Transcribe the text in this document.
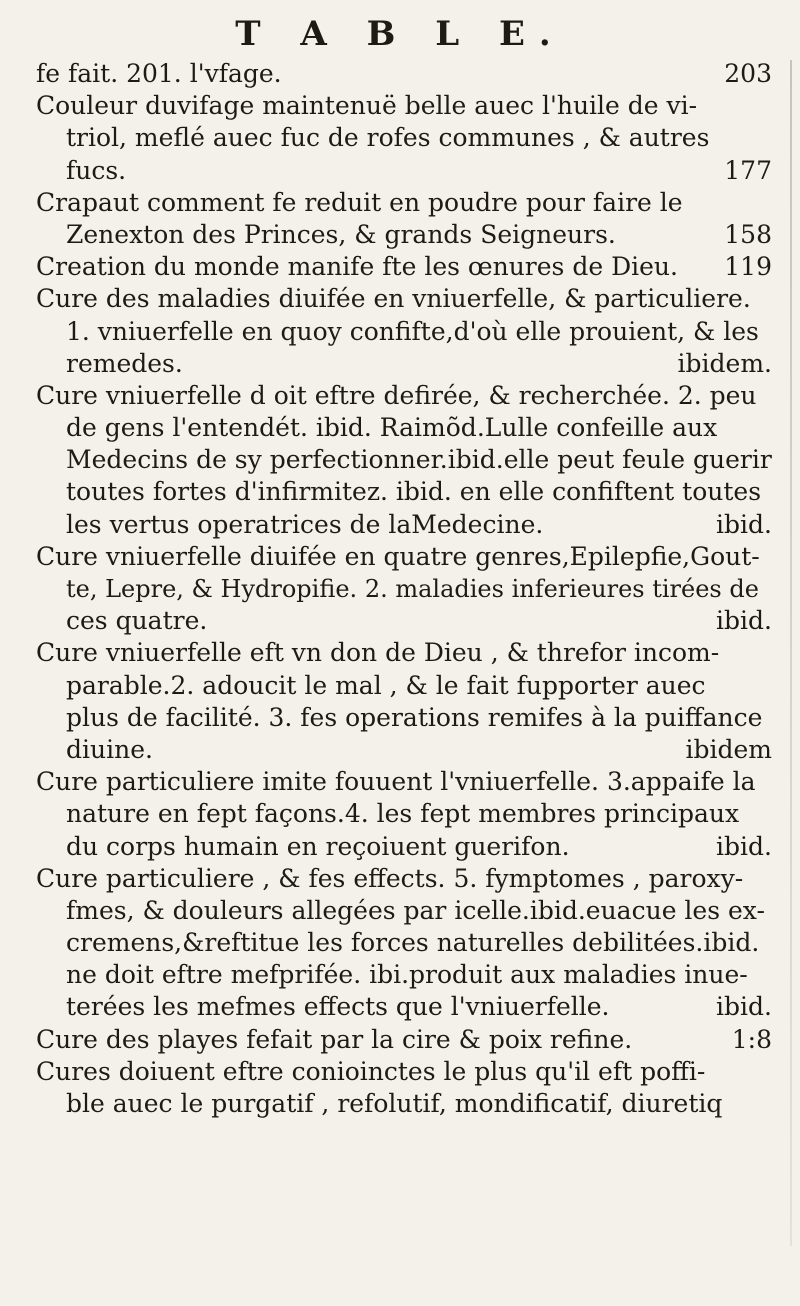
T A B L E.
fe fait. 201. l'vfage.	203
Couleur duvifage maintenuë belle auec l'huile de vi-
triol, meflé auec fuc de rofes communes , & autres
fucs.	177
Crapaut comment fe reduit en poudre pour faire le
Zenexton des Princes, & grands Seigneurs.	158
Creation du monde manife fte les œnures de Dieu. 119
Cure des maladies diuifée en vniuerfelle, & particuliere.
1. vniuerfelle en quoy confifte,d'où elle prouient, & les
remedes.	ibidem.
Cure vniuerfelle d oit eftre defirée, & recherchée. 2. peu
de gens l'entendét. ibid. Raimõd.Lulle confeille aux
Medecins de sy perfectionner.ibid.elle peut feule guerir
toutes fortes d'infirmitez. ibid. en elle confiftent toutes
les vertus operatrices de laMedecine.	ibid.
Cure vniuerfelle diuifée en quatre genres,Epilepfie,Gout-
te, Lepre, & Hydropifie. 2. maladies inferieures tirées de
ces quatre.	ibid.
Cure vniuerfelle eft vn don de Dieu , & threfor incom-
parable.2. adoucit le mal , & le fait fupporter auec
plus de facilité. 3. fes operations remifes à la puiffance
diuine.	ibidem
Cure particuliere imite fouuent l'vniuerfelle. 3.appaife la
nature en fept façons.4. les fept membres principaux
du corps humain en reçoiuent guerifon.	ibid.
Cure particuliere , & fes effects. 5. fymptomes , paroxy-
fmes, & douleurs allegées par icelle.ibid.euacue les ex-
cremens,&reftitue les forces naturelles debilitées.ibid.
ne doit eftre mefprifée. ibi.produit aux maladies inue-
terées les mefmes effects que l'vniuerfelle.	ibid.
Cure des playes fefait par la cire & poix refine.	1:8
Cures doiuent eftre conioinctes le plus qu'il eft poffi-
ble auec le purgatif , refolutif, mondificatif, diuretiq
